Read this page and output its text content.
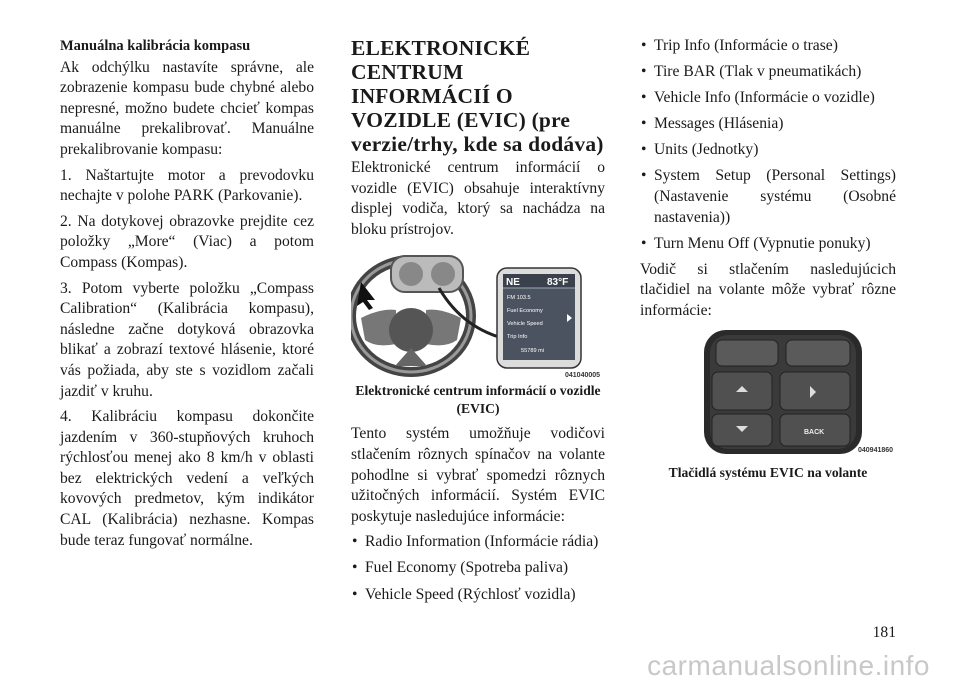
Manuálna kalibrácia kompasu

Ak odchýlku nastavíte správne, ale zobrazenie kompasu bude chybné alebo nepresné, možno budete chcieť kompas manuálne prekalibrovať. Manuálne prekalibrovanie kompasu:

1. Naštartujte motor a prevodovku nechajte v polohe PARK (Parkovanie).

2. Na dotykovej obrazovke prejdite cez položky „More“ (Viac) a potom Compass (Kompas).

3. Potom vyberte položku „Compass Calibration“ (Kalibrácia kompasu), následne začne dotyková obrazovka blikať a zobrazí textové hlásenie, ktoré vás požiada, aby ste s vozidlom začali jazdiť v kruhu.

4. Kalibráciu kompasu dokončite jazdením v 360-stupňových kruhoch rýchlosťou menej ako 8 km/h v oblasti bez elektrických vedení a veľkých kovových predmetov, kým indikátor CAL (Kalibrácia) nezhasne. Kompas bude teraz fungovať normálne.

ELEKTRONICKÉ CENTRUM INFORMÁCIÍ O VOZIDLE (EVIC) (pre verzie/trhy, kde sa dodáva)

Elektronické centrum informácií o vozidle (EVIC) obsahuje interaktívny displej vodiča, ktorý sa nachádza na bloku prístrojov.

NE	83°F
FM 103.5
Fuel Economy
Vehicle Speed
Trip Info
55789 mi
041040005
Elektronické centrum informácií o vozidle (EVIC)

Tento systém umožňuje vodičovi stlačením rôznych spínačov na volante pohodlne si vybrať spomedzi rôznych užitočných informácií. Systém EVIC poskytuje nasledujúce informácie:

• Radio Information (Informácie rádia)
• Fuel Economy (Spotreba paliva)
• Vehicle Speed (Rýchlosť vozidla)
• Trip Info (Informácie o trase)
• Tire BAR (Tlak v pneumatikách)
• Vehicle Info (Informácie o vozidle)
• Messages (Hlásenia)
• Units (Jednotky)
• System Setup (Personal Settings) (Nastavenie systému (Osobné nastavenia))
• Turn Menu Off (Vypnutie ponuky)

Vodič si stlačením nasledujúcich tlačidiel na volante môže vybrať rôzne informácie:

BACK
040941860
Tlačidlá systému EVIC na volante
181
carmanualsonline.info
